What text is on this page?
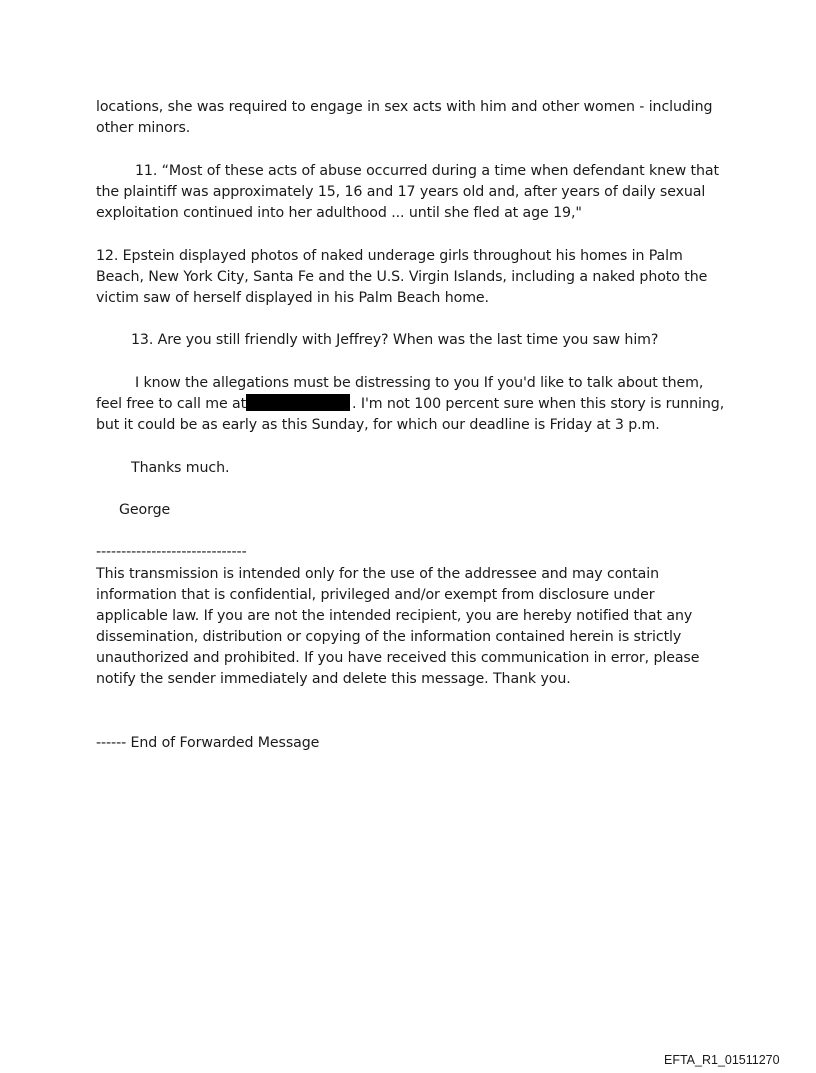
locations, she was required to engage in sex acts with him and other women - including
other minors.
11. “Most of these acts of abuse occurred during a time when defendant knew that
the plaintiff was approximately 15, 16 and 17 years old and, after years of daily sexual
exploitation continued into her adulthood ... until she fled at age 19,"
12. Epstein displayed photos of naked underage girls throughout his homes in Palm
Beach, New York City, Santa Fe and the U.S. Virgin Islands, including a naked photo the
victim saw of herself displayed in his Palm Beach home.
13. Are you still friendly with Jeffrey? When was the last time you saw him?
I know the allegations must be distressing to you If you'd like to talk about them,
feel free to call me at	. I'm not 100 percent sure when this story is running,
but it could be as early as this Sunday, for which our deadline is Friday at 3 p.m.
Thanks much.
George
------------------------------
This transmission is intended only for the use of the addressee and may contain
information that is confidential, privileged and/or exempt from disclosure under
applicable law. If you are not the intended recipient, you are hereby notified that any
dissemination, distribution or copying of the information contained herein is strictly
unauthorized and prohibited. If you have received this communication in error, please
notify the sender immediately and delete this message. Thank you.
------ End of Forwarded Message
EFTA_R1_01511270
